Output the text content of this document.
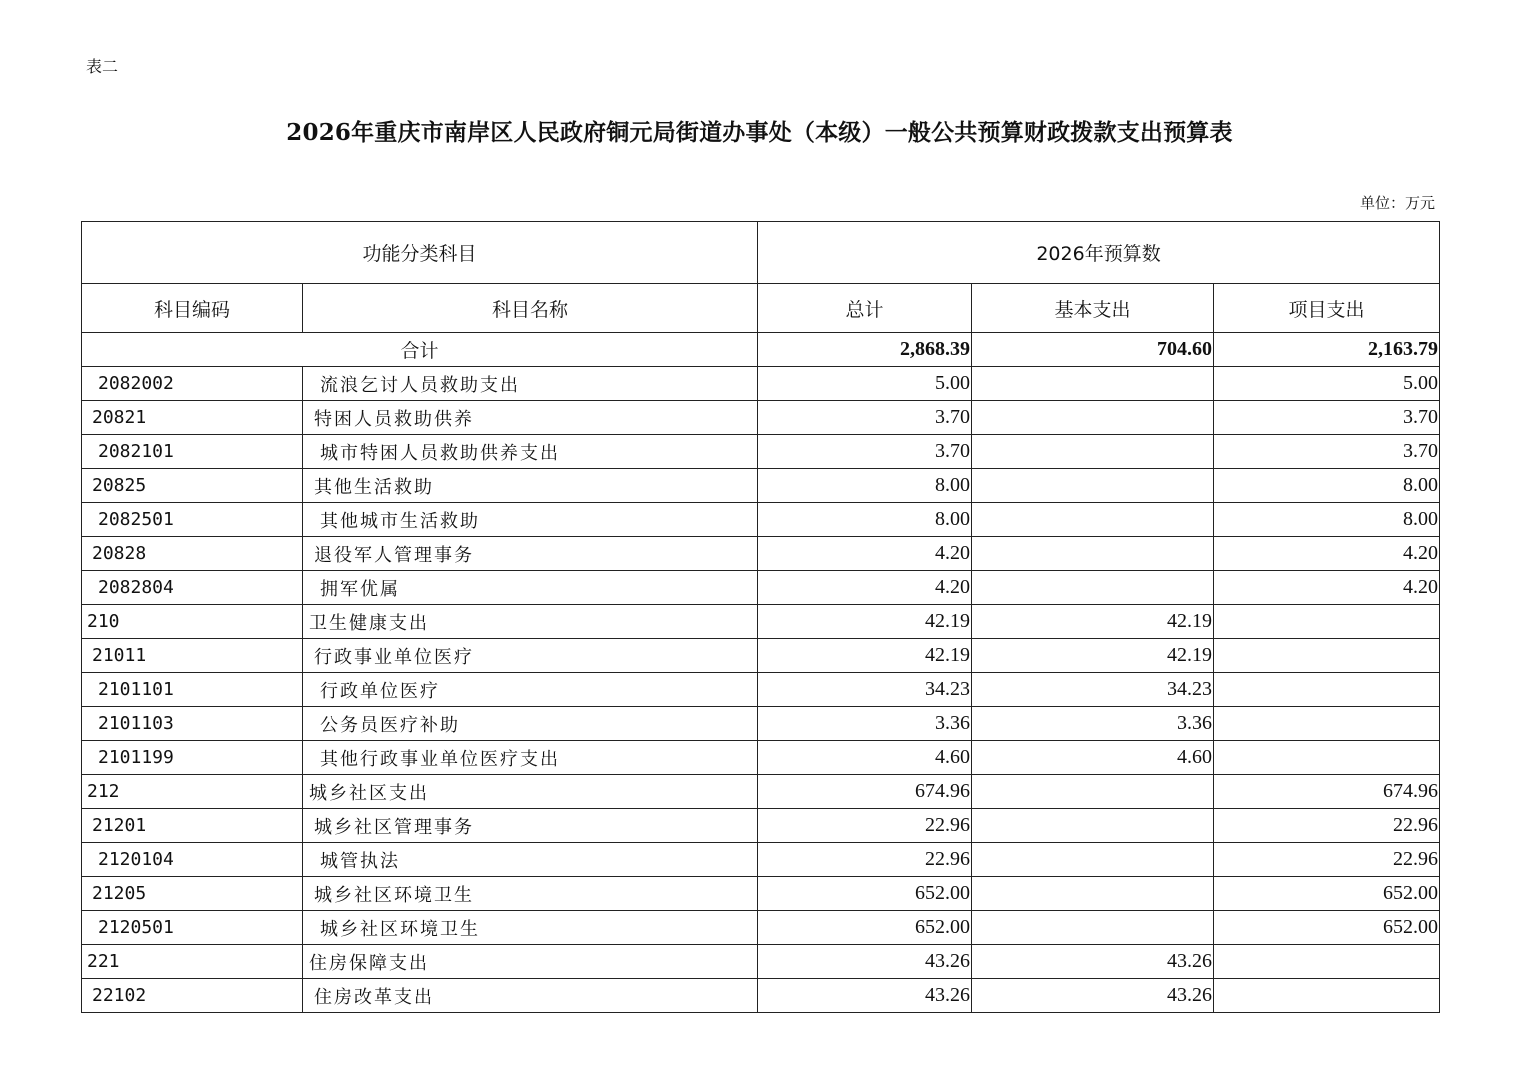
表二
2026年重庆市南岸区人民政府铜元局街道办事处（本级）一般公共预算财政拨款支出预算表
单位：万元
功能分类科目		2026年预算数		
科目编码	科目名称	总计	基本支出	项目支出
合计		2,868.39	704.60	2,163.79
2082002	流浪乞讨人员救助支出	5.00		5.00
20821	特困人员救助供养	3.70		3.70
2082101	城市特困人员救助供养支出	3.70		3.70
20825	其他生活救助	8.00		8.00
2082501	其他城市生活救助	8.00		8.00
20828	退役军人管理事务	4.20		4.20
2082804	拥军优属	4.20		4.20
210	卫生健康支出	42.19	42.19	
21011	行政事业单位医疗	42.19	42.19	
2101101	行政单位医疗	34.23	34.23	
2101103	公务员医疗补助	3.36	3.36	
2101199	其他行政事业单位医疗支出	4.60	4.60	
212	城乡社区支出	674.96		674.96
21201	城乡社区管理事务	22.96		22.96
2120104	城管执法	22.96		22.96
21205	城乡社区环境卫生	652.00		652.00
2120501	城乡社区环境卫生	652.00		652.00
221	住房保障支出	43.26	43.26	
22102	住房改革支出	43.26	43.26	
